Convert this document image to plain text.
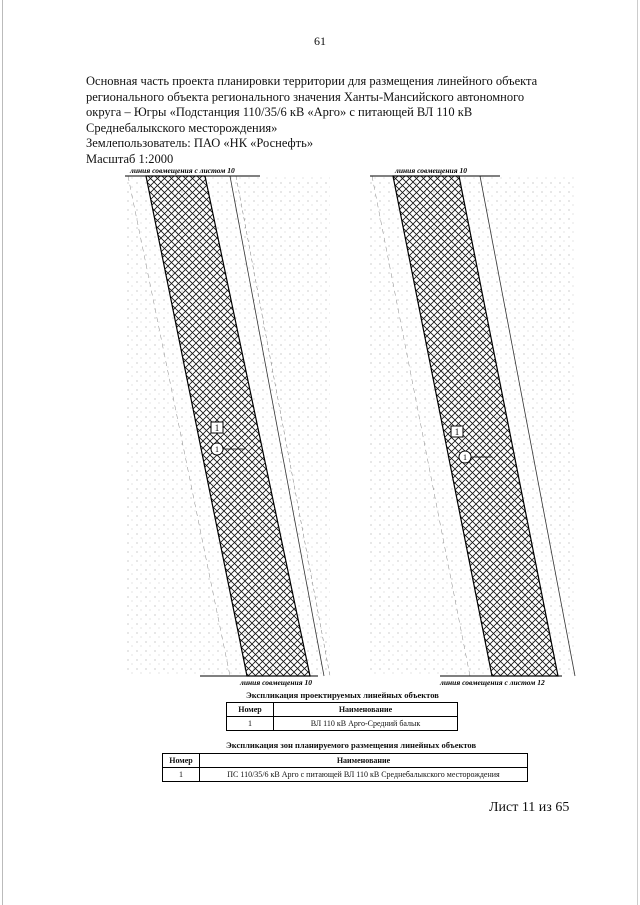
61
Основная часть проекта планировки территории для размещения линейного объекта
регионального объекта регионального значения Ханты-Мансийского автономного
округа – Югры «Подстанция 110/35/6 кВ «Арго» с питающей ВЛ 110 кВ
Среднебалыкского месторождения»
Землепользователь: ПАО «НК «Роснефть»
Масштаб 1:2000
1
1
линия совмещения с листом 10
линия совмещения 10
1
1
линия совмещения 10
линия совмещения с листом 12
Экспликация проектируемых линейных объектов
Номер	Наименование
1	ВЛ 110 кВ Арго-Средний балык
Экспликация зон планируемого размещения линейных объектов
Номер	Наименование
1	ПС 110/35/6 кВ Арго с питающей ВЛ 110 кВ Среднебалыкского месторождения
Лист 11 из 65
